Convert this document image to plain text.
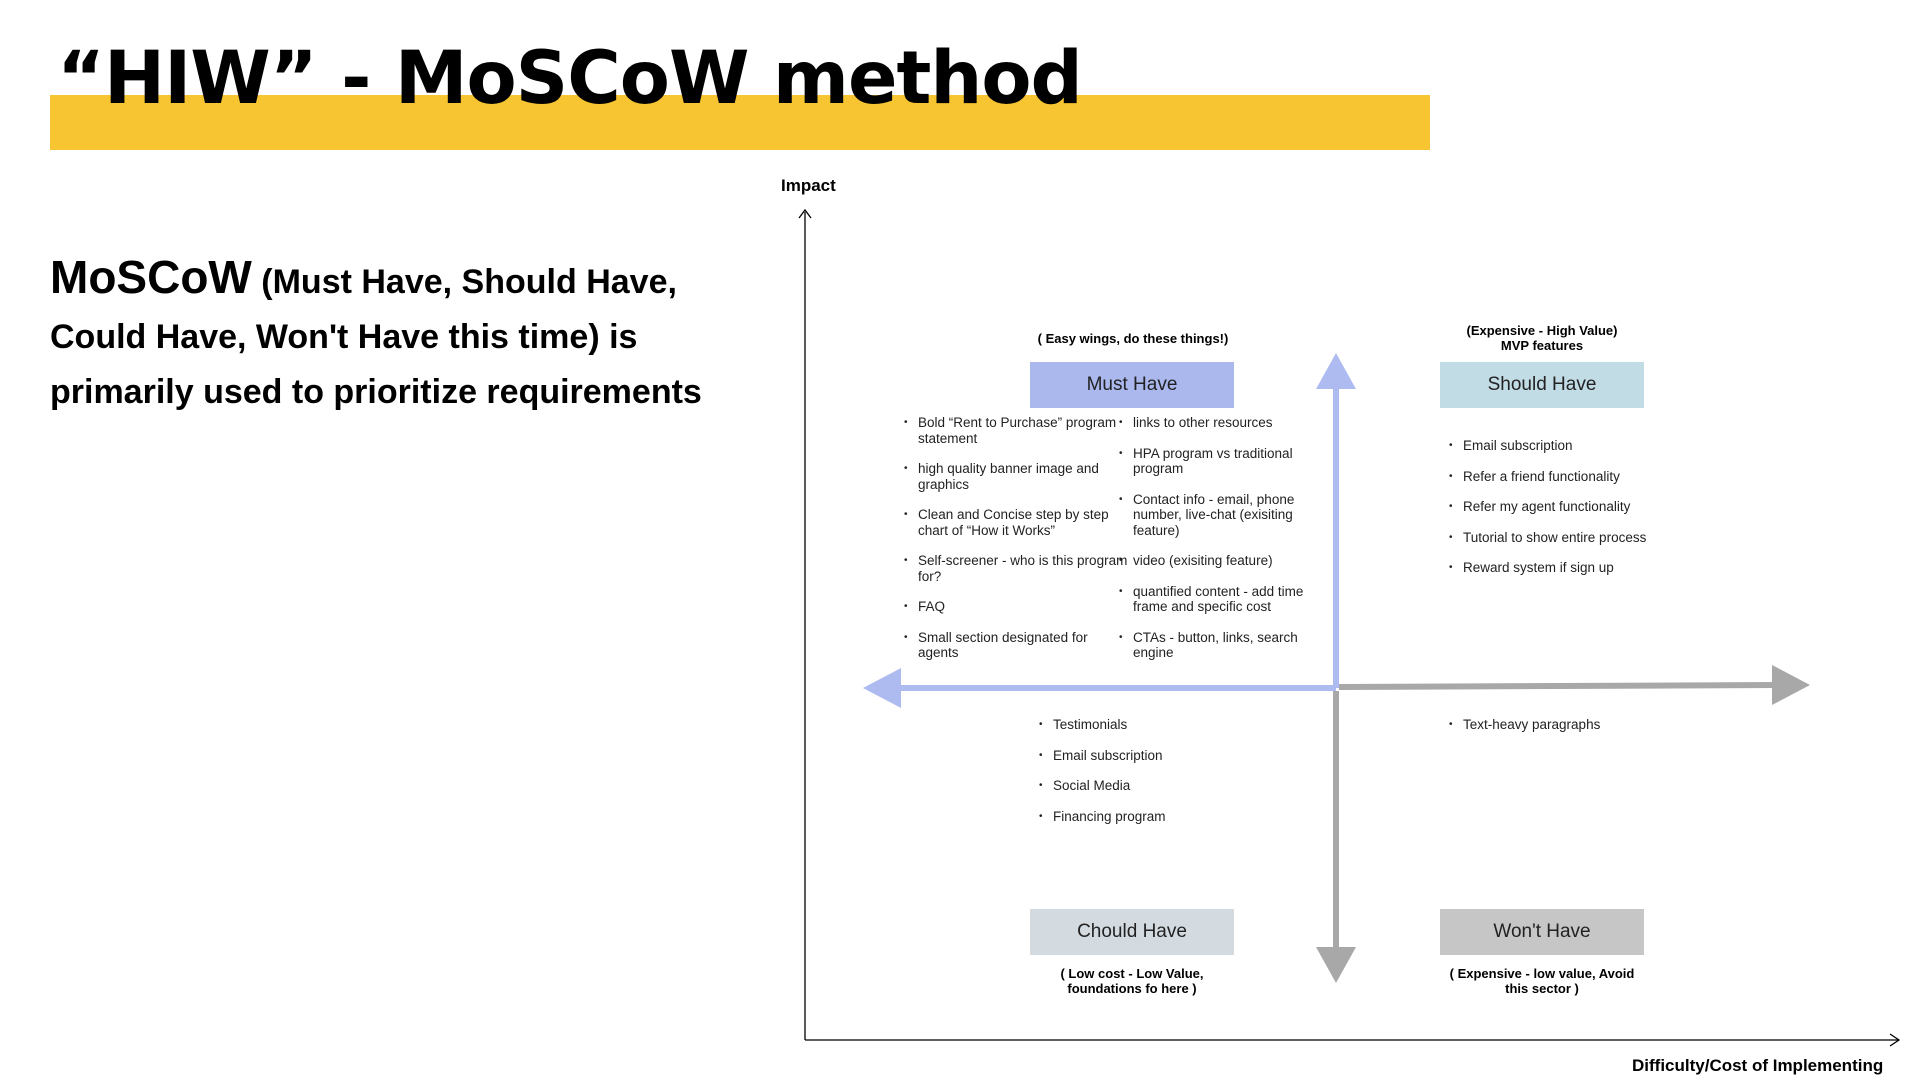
“HIW” - MoSCoW method
MoSCoW (Must Have, Should Have, Could Have, Won't Have this time) is primarily used to prioritize requirements
Impact
Difficulty/Cost of Implementing
( Easy wings, do these things!)
Must Have
• Bold “Rent to Purchase” program statement
• high quality banner image and graphics
• Clean and Concise step by step chart of “How it Works”
• Self-screener - who is this program for?
• FAQ
• Small section designated for agents
• links to other resources
• HPA program vs traditional program
• Contact info - email, phone number, live-chat (exisiting feature)
• video (exisiting feature)
• quantified content - add time frame and specific cost
• CTAs - button, links, search engine
(Expensive - High Value)
MVP features
Should Have
• Email subscription
• Refer a friend functionality
• Refer my agent functionality
• Tutorial to show entire process
• Reward system if sign up
• Testimonials
• Email subscription
• Social Media
• Financing program
Chould Have
( Low cost - Low Value,
foundations fo here )
• Text-heavy paragraphs
Won't Have
( Expensive - low value, Avoid
this sector )
